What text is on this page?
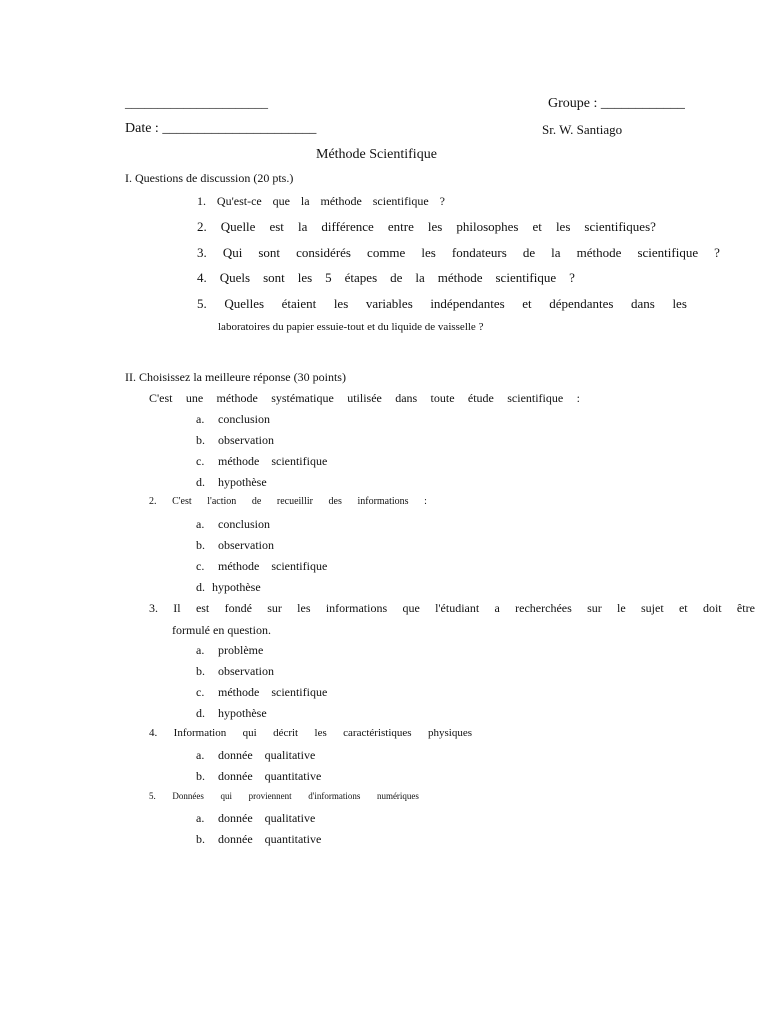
______________________	Groupe : ____________
Date : ______________________	Sr. W. Santiago
Méthode Scientifique
I. Questions de discussion (20 pts.)
1. Qu'est-ce que la méthode scientifique ?
2. Quelle est la différence entre les philosophes et les scientifiques?
3. Qui sont considérés comme les fondateurs de la méthode scientifique ?
4. Quels sont les 5 étapes de la méthode scientifique ?
5. Quelles étaient les variables indépendantes et dépendantes dans les
laboratoires du papier essuie-tout et du liquide de vaisselle ?
II. Choisissez la meilleure réponse (30 points)
C'est une méthode systématique utilisée dans toute étude scientifique :
a. conclusion
b. observation
c. méthode    scientifique
d. hypothèse
2. C'est l'action de recueillir des informations :
a. conclusion
b. observation
c. méthode    scientifique
d. hypothèse
3. Il est fondé sur les informations que l'étudiant a recherchées sur le sujet et doit être
formulé en question.
a. problème
b. observation
c. méthode    scientifique
d. hypothèse
4. Information qui décrit les caractéristiques physiques
a. donnée    qualitative
b. donnée    quantitative
5. Données qui proviennent d'informations numériques
a. donnée    qualitative
b. donnée    quantitative
